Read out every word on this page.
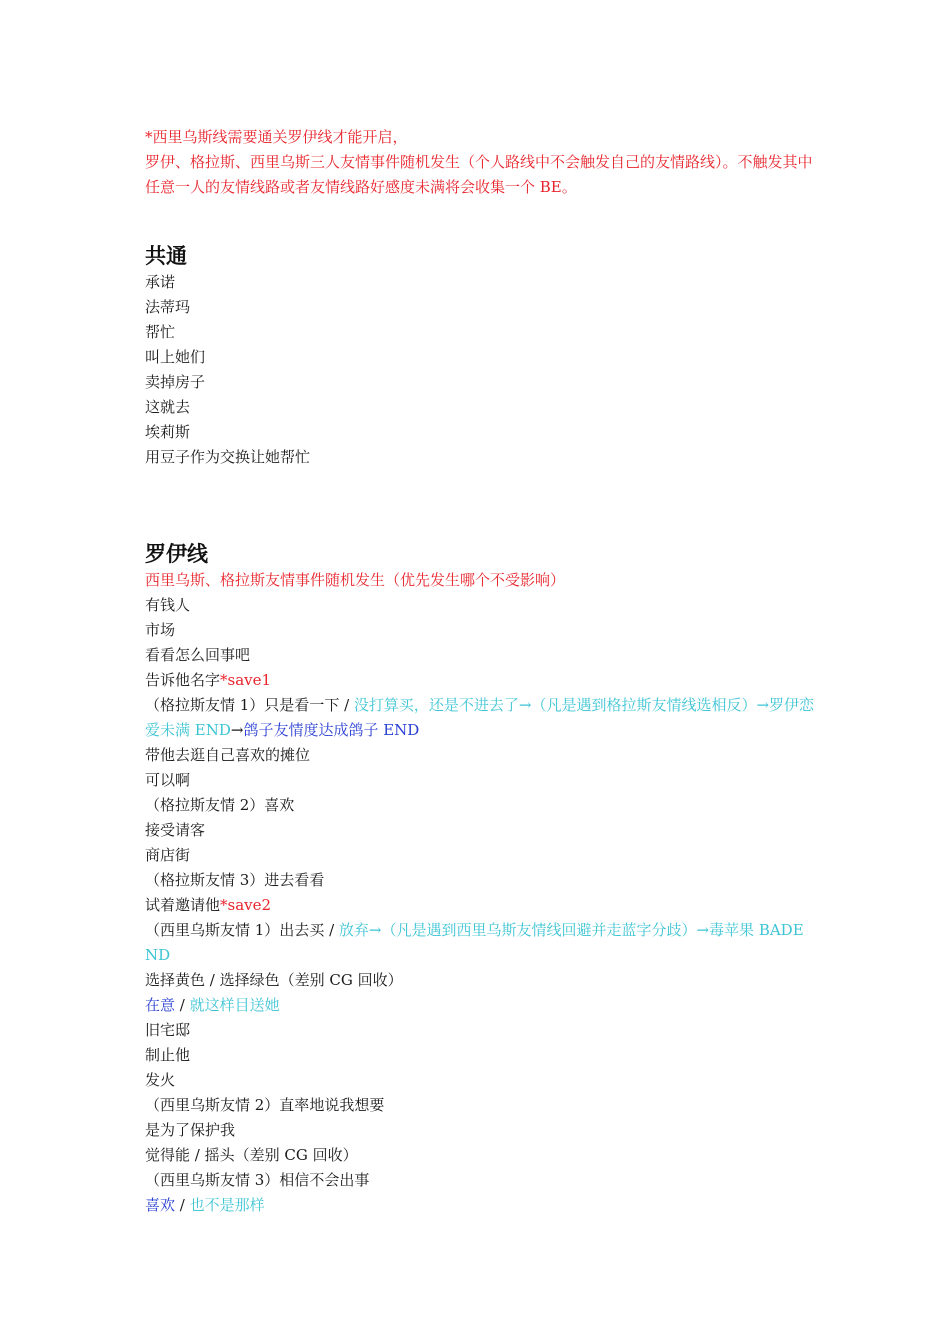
*西里乌斯线需要通关罗伊线才能开启，
罗伊、格拉斯、西里乌斯三人友情事件随机发生（个人路线中不会触发自己的友情路线）。不触发其中任意一人的友情线路或者友情线路好感度未满将会收集一个 BE。
共通
承诺
法蒂玛
帮忙
叫上她们
卖掉房子
这就去
埃莉斯
用豆子作为交换让她帮忙
罗伊线
西里乌斯、格拉斯友情事件随机发生（优先发生哪个不受影响）
有钱人
市场
看看怎么回事吧
告诉他名字*save1
（格拉斯友情 1）只是看一下 / 没打算买，还是不进去了→（凡是遇到格拉斯友情线选相反）→罗伊恋爱未满 END→鸽子友情度达成鸽子 END
带他去逛自己喜欢的摊位
可以啊
（格拉斯友情 2）喜欢
接受请客
商店街
（格拉斯友情 3）进去看看
试着邀请他*save2
（西里乌斯友情 1）出去买 / 放弃→（凡是遇到西里乌斯友情线回避并走蓝字分歧）→毒苹果 BADEND
选择黄色 / 选择绿色（差别 CG 回收）
在意 / 就这样目送她
旧宅邸
制止他
发火
（西里乌斯友情 2）直率地说我想要
是为了保护我
觉得能 / 摇头（差别 CG 回收）
（西里乌斯友情 3）相信不会出事
喜欢 / 也不是那样
